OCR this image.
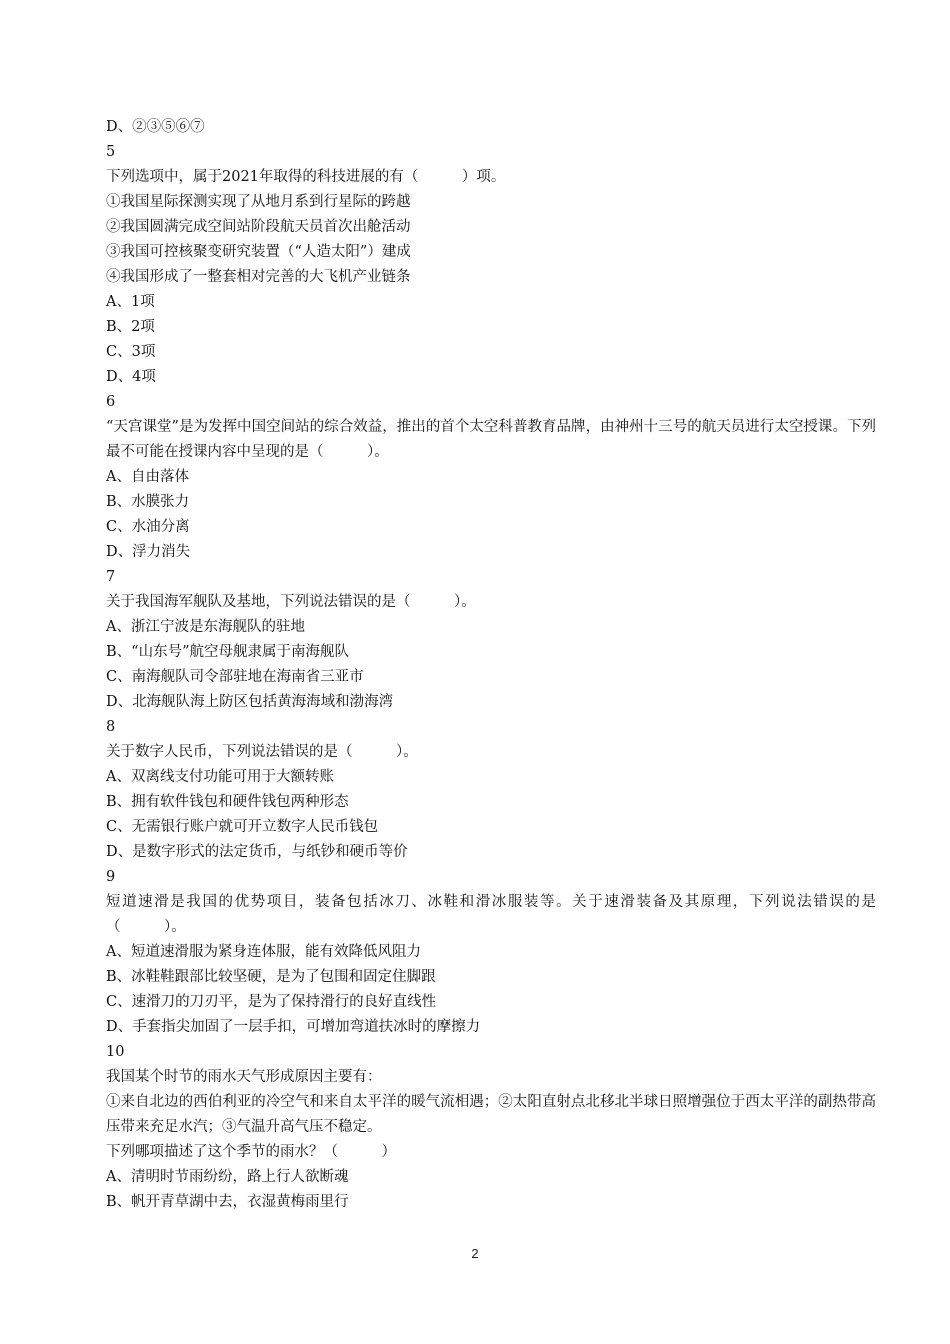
D、②③⑤⑥⑦
5
下列选项中，属于2021年取得的科技进展的有（　　　）项。
①我国星际探测实现了从地月系到行星际的跨越
②我国圆满完成空间站阶段航天员首次出舱活动
③我国可控核聚变研究装置（“人造太阳”）建成
④我国形成了一整套相对完善的大飞机产业链条
A、1项
B、2项
C、3项
D、4项
6
“天宫课堂”是为发挥中国空间站的综合效益，推出的首个太空科普教育品牌，由神州十三号的航天员进行太空授课。下列最不可能在授课内容中呈现的是（　　　）。
A、自由落体
B、水膜张力
C、水油分离
D、浮力消失
7
关于我国海军舰队及基地，下列说法错误的是（　　　）。
A、浙江宁波是东海舰队的驻地
B、“山东号”航空母舰隶属于南海舰队
C、南海舰队司令部驻地在海南省三亚市
D、北海舰队海上防区包括黄海海域和渤海湾
8
关于数字人民币，下列说法错误的是（　　　）。
A、双离线支付功能可用于大额转账
B、拥有软件钱包和硬件钱包两种形态
C、无需银行账户就可开立数字人民币钱包
D、是数字形式的法定货币，与纸钞和硬币等价
9
短道速滑是我国的优势项目，装备包括冰刀、冰鞋和滑冰服装等。关于速滑装备及其原理，下列说法错误的是（　　　）。
A、短道速滑服为紧身连体服，能有效降低风阻力
B、冰鞋鞋跟部比较坚硬，是为了包围和固定住脚跟
C、速滑刀的刀刃平，是为了保持滑行的良好直线性
D、手套指尖加固了一层手扣，可增加弯道扶冰时的摩擦力
10
我国某个时节的雨水天气形成原因主要有：
①来自北边的西伯利亚的冷空气和来自太平洋的暖气流相遇；②太阳直射点北移北半球日照增强位于西太平洋的副热带高压带来充足水汽；③气温升高气压不稳定。
下列哪项描述了这个季节的雨水？（　　　）
A、清明时节雨纷纷，路上行人欲断魂
B、帆开青草湖中去，衣湿黄梅雨里行
2
